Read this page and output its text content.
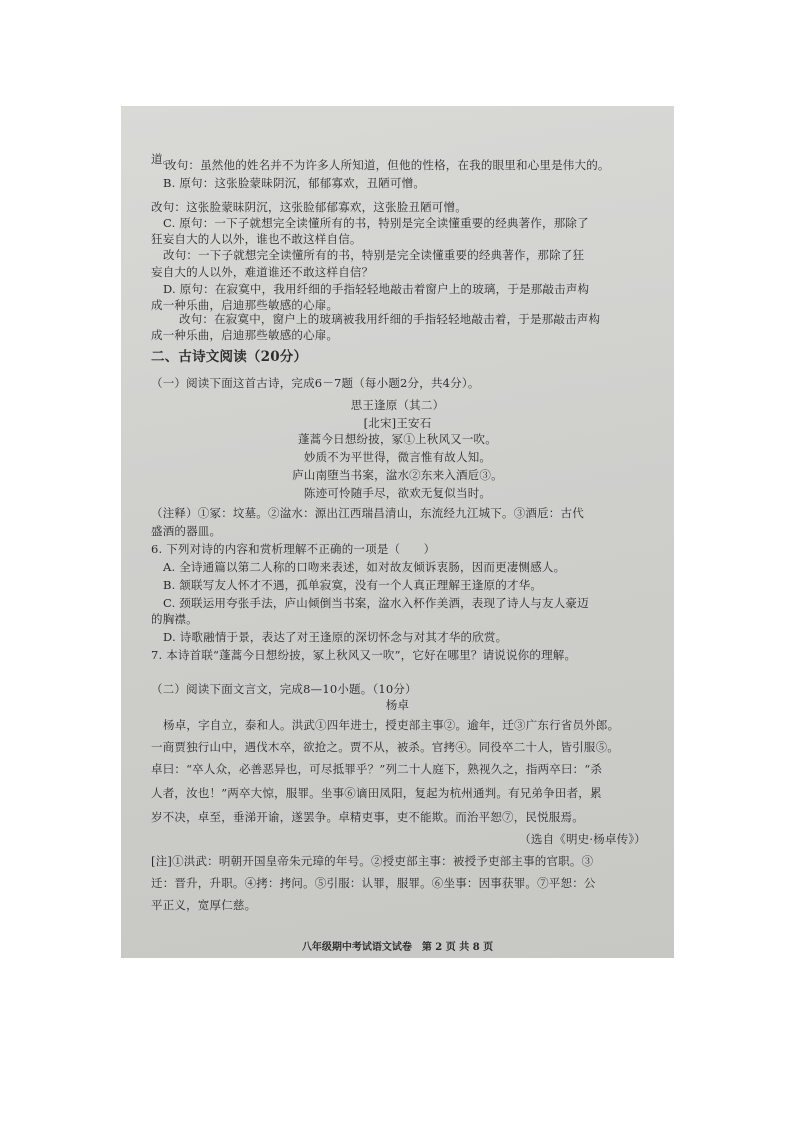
道。
改句：虽然他的姓名并不为许多人所知道，但他的性格，在我的眼里和心里是伟大的。
B. 原句：这张脸蒙昧阴沉，郁郁寡欢，丑陋可憎。
改句：这张脸蒙昧阴沉，这张脸郁郁寡欢，这张脸丑陋可憎。
C. 原句：一下子就想完全读懂所有的书，特别是完全读懂重要的经典著作，那除了
狂妄自大的人以外，谁也不敢这样自信。
改句：一下子就想完全读懂所有的书，特别是完全读懂重要的经典著作，那除了狂
妄自大的人以外，难道谁还不敢这样自信？
D. 原句：在寂寞中，我用纤细的手指轻轻地敲击着窗户上的玻璃，于是那敲击声构
成一种乐曲，启迪那些敏感的心扉。
改句：在寂寞中，窗户上的玻璃被我用纤细的手指轻轻地敲击着，于是那敲击声构
成一种乐曲，启迪那些敏感的心扉。
二、古诗文阅读（20分）
（一）阅读下面这首古诗，完成6－7题（每小题2分，共4分）。
思王逢原（其二）
[北宋]王安石
蓬蒿今日想纷披，冢①上秋风又一吹。
妙质不为平世得，微言惟有故人知。
庐山南堕当书案，湓水②东来入酒卮③。
陈迹可怜随手尽，欲欢无复似当时。
（注释）①冢：坟墓。②湓水：源出江西瑞昌清山，东流经九江城下。③酒卮：古代
盛酒的器皿。
6. 下列对诗的内容和赏析理解不正确的一项是（　　）
A. 全诗通篇以第二人称的口吻来表述，如对故友倾诉衷肠，因而更凄恻感人。
B. 颔联写友人怀才不遇，孤单寂寞，没有一个人真正理解王逢原的才华。
C. 颈联运用夸张手法，庐山倾倒当书案，湓水入杯作美酒，表现了诗人与友人豪迈
的胸襟。
D. 诗歌融情于景，表达了对王逢原的深切怀念与对其才华的欣赏。
7. 本诗首联“蓬蒿今日想纷披，冢上秋风又一吹”，它好在哪里？请说说你的理解。
（二）阅读下面文言文，完成8—10小题。（10分）
杨卓
杨卓，字自立，泰和人。洪武①四年进士，授吏部主事②。逾年，迁③广东行省员外郎。
一商贾独行山中，遇伐木卒，欲抢之。贾不从，被杀。官拷④。同役卒二十人，皆引服⑤。
卓曰：“卒人众，必善恶异也，可尽抵罪乎？”列二十人庭下，熟视久之，指两卒曰：“杀
人者，汝也！”两卒大惊，服罪。坐事⑥谪田凤阳，复起为杭州通判。有兄弟争田者，累
岁不决，卓至，垂涕开谕，遂罢争。卓精吏事，吏不能欺。而治平恕⑦，民悦服焉。
（选自《明史·杨卓传》）
[注]①洪武：明朝开国皇帝朱元璋的年号。②授吏部主事：被授予吏部主事的官职。③
迁：晋升，升职。④拷：拷问。⑤引服：认罪，服罪。⑥坐事：因事获罪。⑦平恕：公
平正义，宽厚仁慈。
八年级期中考试语文试卷　第 2 页 共 8 页
